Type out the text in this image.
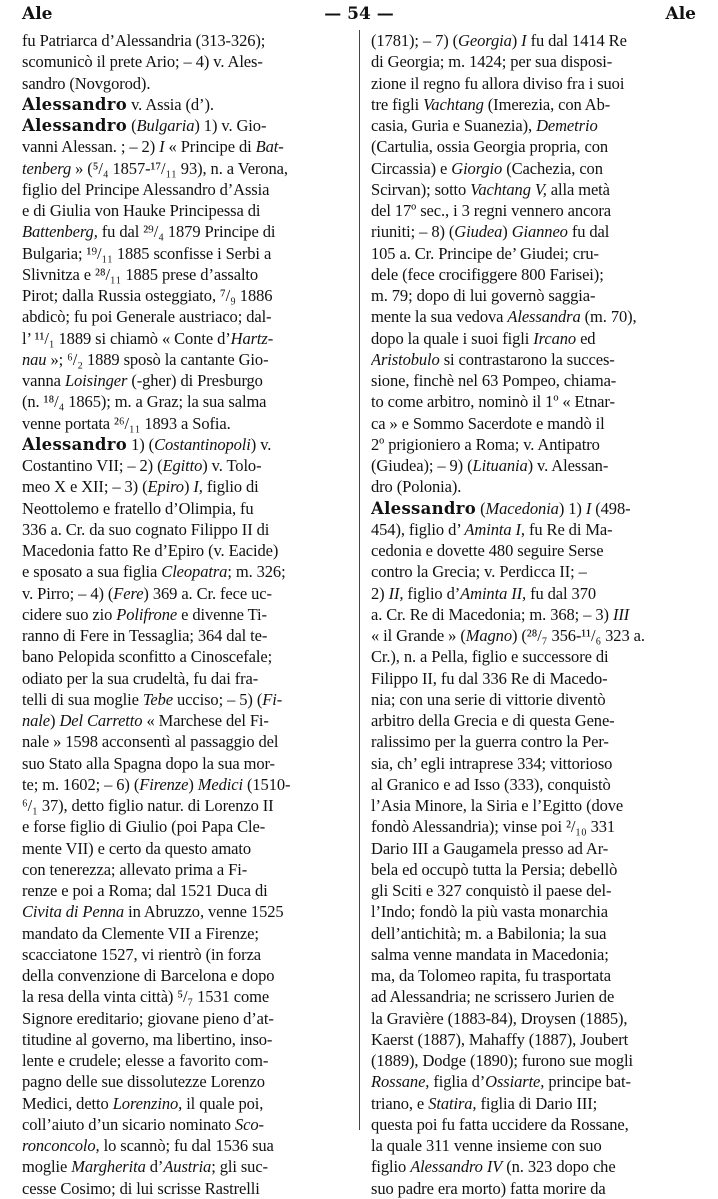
Ale	— 54 —	Ale
fu Patriarca d’Alessandria (313-326);
scomunicò il prete Ario; – 4) v. Ales-
sandro (Novgorod).
Alessandro v. Assia (d’).
Alessandro (Bulgaria) 1) v. Gio-
vanni Alessan. ; – 2) I « Principe di Bat-
tenberg » (⁵/₄ 1857-¹⁷/₁₁ 93), n. a Verona,
figlio del Principe Alessandro d’Assia
e di Giulia von Hauke Principessa di
Battenberg, fu dal ²⁹/₄ 1879 Principe di
Bulgaria; ¹⁹/₁₁ 1885 sconfisse i Serbi a
Slivnitza e ²⁸/₁₁ 1885 prese d’assalto
Pirot; dalla Russia osteggiato, ⁷/₉ 1886
abdicò; fu poi Generale austriaco; dal-
l’ ¹¹/₁ 1889 si chiamò « Conte d’Hartz-
nau »; ⁶/₂ 1889 sposò la cantante Gio-
vanna Loisinger (-gher) di Presburgo
(n. ¹⁸/₄ 1865); m. a Graz; la sua salma
venne portata ²⁶/₁₁ 1893 a Sofia.
Alessandro 1) (Costantinopoli) v.
Costantino VII; – 2) (Egitto) v. Tolo-
meo X e XII; – 3) (Epiro) I, figlio di
Neottolemo e fratello d’Olimpia, fu
336 a. Cr. da suo cognato Filippo II di
Macedonia fatto Re d’Epiro (v. Eacide)
e sposato a sua figlia Cleopatra; m. 326;
v. Pirro; – 4) (Fere) 369 a. Cr. fece uc-
cidere suo zio Polifrone e divenne Ti-
ranno di Fere in Tessaglia; 364 dal te-
bano Pelopida sconfitto a Cinoscefale;
odiato per la sua crudeltà, fu dai fra-
telli di sua moglie Tebe ucciso; – 5) (Fi-
nale) Del Carretto « Marchese del Fi-
nale » 1598 acconsentì al passaggio del
suo Stato alla Spagna dopo la sua mor-
te; m. 1602; – 6) (Firenze) Medici (1510-
⁶/₁ 37), detto figlio natur. di Lorenzo II
e forse figlio di Giulio (poi Papa Cle-
mente VII) e certo da questo amato
con tenerezza; allevato prima a Fi-
renze e poi a Roma; dal 1521 Duca di
Civita di Penna in Abruzzo, venne 1525
mandato da Clemente VII a Firenze;
scacciatone 1527, vi rientrò (in forza
della convenzione di Barcelona e dopo
la resa della vinta città) ⁵/₇ 1531 come
Signore ereditario; giovane pieno d’at-
titudine al governo, ma libertino, inso-
lente e crudele; elesse a favorito com-
pagno delle sue dissolutezze Lorenzo
Medici, detto Lorenzino, il quale poi,
coll’aiuto d’un sicario nominato Sco-
ronconcolo, lo scannò; fu dal 1536 sua
moglie Margherita d’Austria; gli suc-
cesse Cosimo; di lui scrisse Rastrelli
(1781); – 7) (Georgia) I fu dal 1414 Re
di Georgia; m. 1424; per sua disposi-
zione il regno fu allora diviso fra i suoi
tre figli Vachtang (Imerezia, con Ab-
casia, Guria e Suanezia), Demetrio
(Cartulia, ossia Georgia propria, con
Circassia) e Giorgio (Cachezia, con
Scirvan); sotto Vachtang V, alla metà
del 17º sec., i 3 regni vennero ancora
riuniti; – 8) (Giudea) Gianneo fu dal
105 a. Cr. Principe de’ Giudei; cru-
dele (fece crocifiggere 800 Farisei);
m. 79; dopo di lui governò saggia-
mente la sua vedova Alessandra (m. 70),
dopo la quale i suoi figli Ircano ed
Aristobulo si contrastarono la succes-
sione, finchè nel 63 Pompeo, chiama-
to come arbitro, nominò il 1º « Etnar-
ca » e Sommo Sacerdote e mandò il
2º prigioniero a Roma; v. Antipatro
(Giudea); – 9) (Lituania) v. Alessan-
dro (Polonia).
Alessandro (Macedonia) 1) I (498-
454), figlio d’ Aminta I, fu Re di Ma-
cedonia e dovette 480 seguire Serse
contro la Grecia; v. Perdicca II; –
2) II, figlio d’Aminta II, fu dal 370
a. Cr. Re di Macedonia; m. 368; – 3) III
« il Grande » (Magno) (²⁸/₇ 356-¹¹/₆ 323 a.
Cr.), n. a Pella, figlio e successore di
Filippo II, fu dal 336 Re di Macedo-
nia; con una serie di vittorie diventò
arbitro della Grecia e di questa Gene-
ralissimo per la guerra contro la Per-
sia, ch’ egli intraprese 334; vittorioso
al Granico e ad Isso (333), conquistò
l’Asia Minore, la Siria e l’Egitto (dove
fondò Alessandria); vinse poi ²/₁₀ 331
Dario III a Gaugamela presso ad Ar-
bela ed occupò tutta la Persia; debellò
gli Sciti e 327 conquistò il paese del-
l’Indo; fondò la più vasta monarchia
dell’antichità; m. a Babilonia; la sua
salma venne mandata in Macedonia;
ma, da Tolomeo rapita, fu trasportata
ad Alessandria; ne scrissero Jurien de
la Gravière (1883-84), Droysen (1885),
Kaerst (1887), Mahaffy (1887), Joubert
(1889), Dodge (1890); furono sue mogli
Rossane, figlia d’Ossiarte, principe bat-
triano, e Statira, figlia di Dario III;
questa poi fu fatta uccidere da Rossane,
la quale 311 venne insieme con suo
figlio Alessandro IV (n. 323 dopo che
suo padre era morto) fatta morire da
